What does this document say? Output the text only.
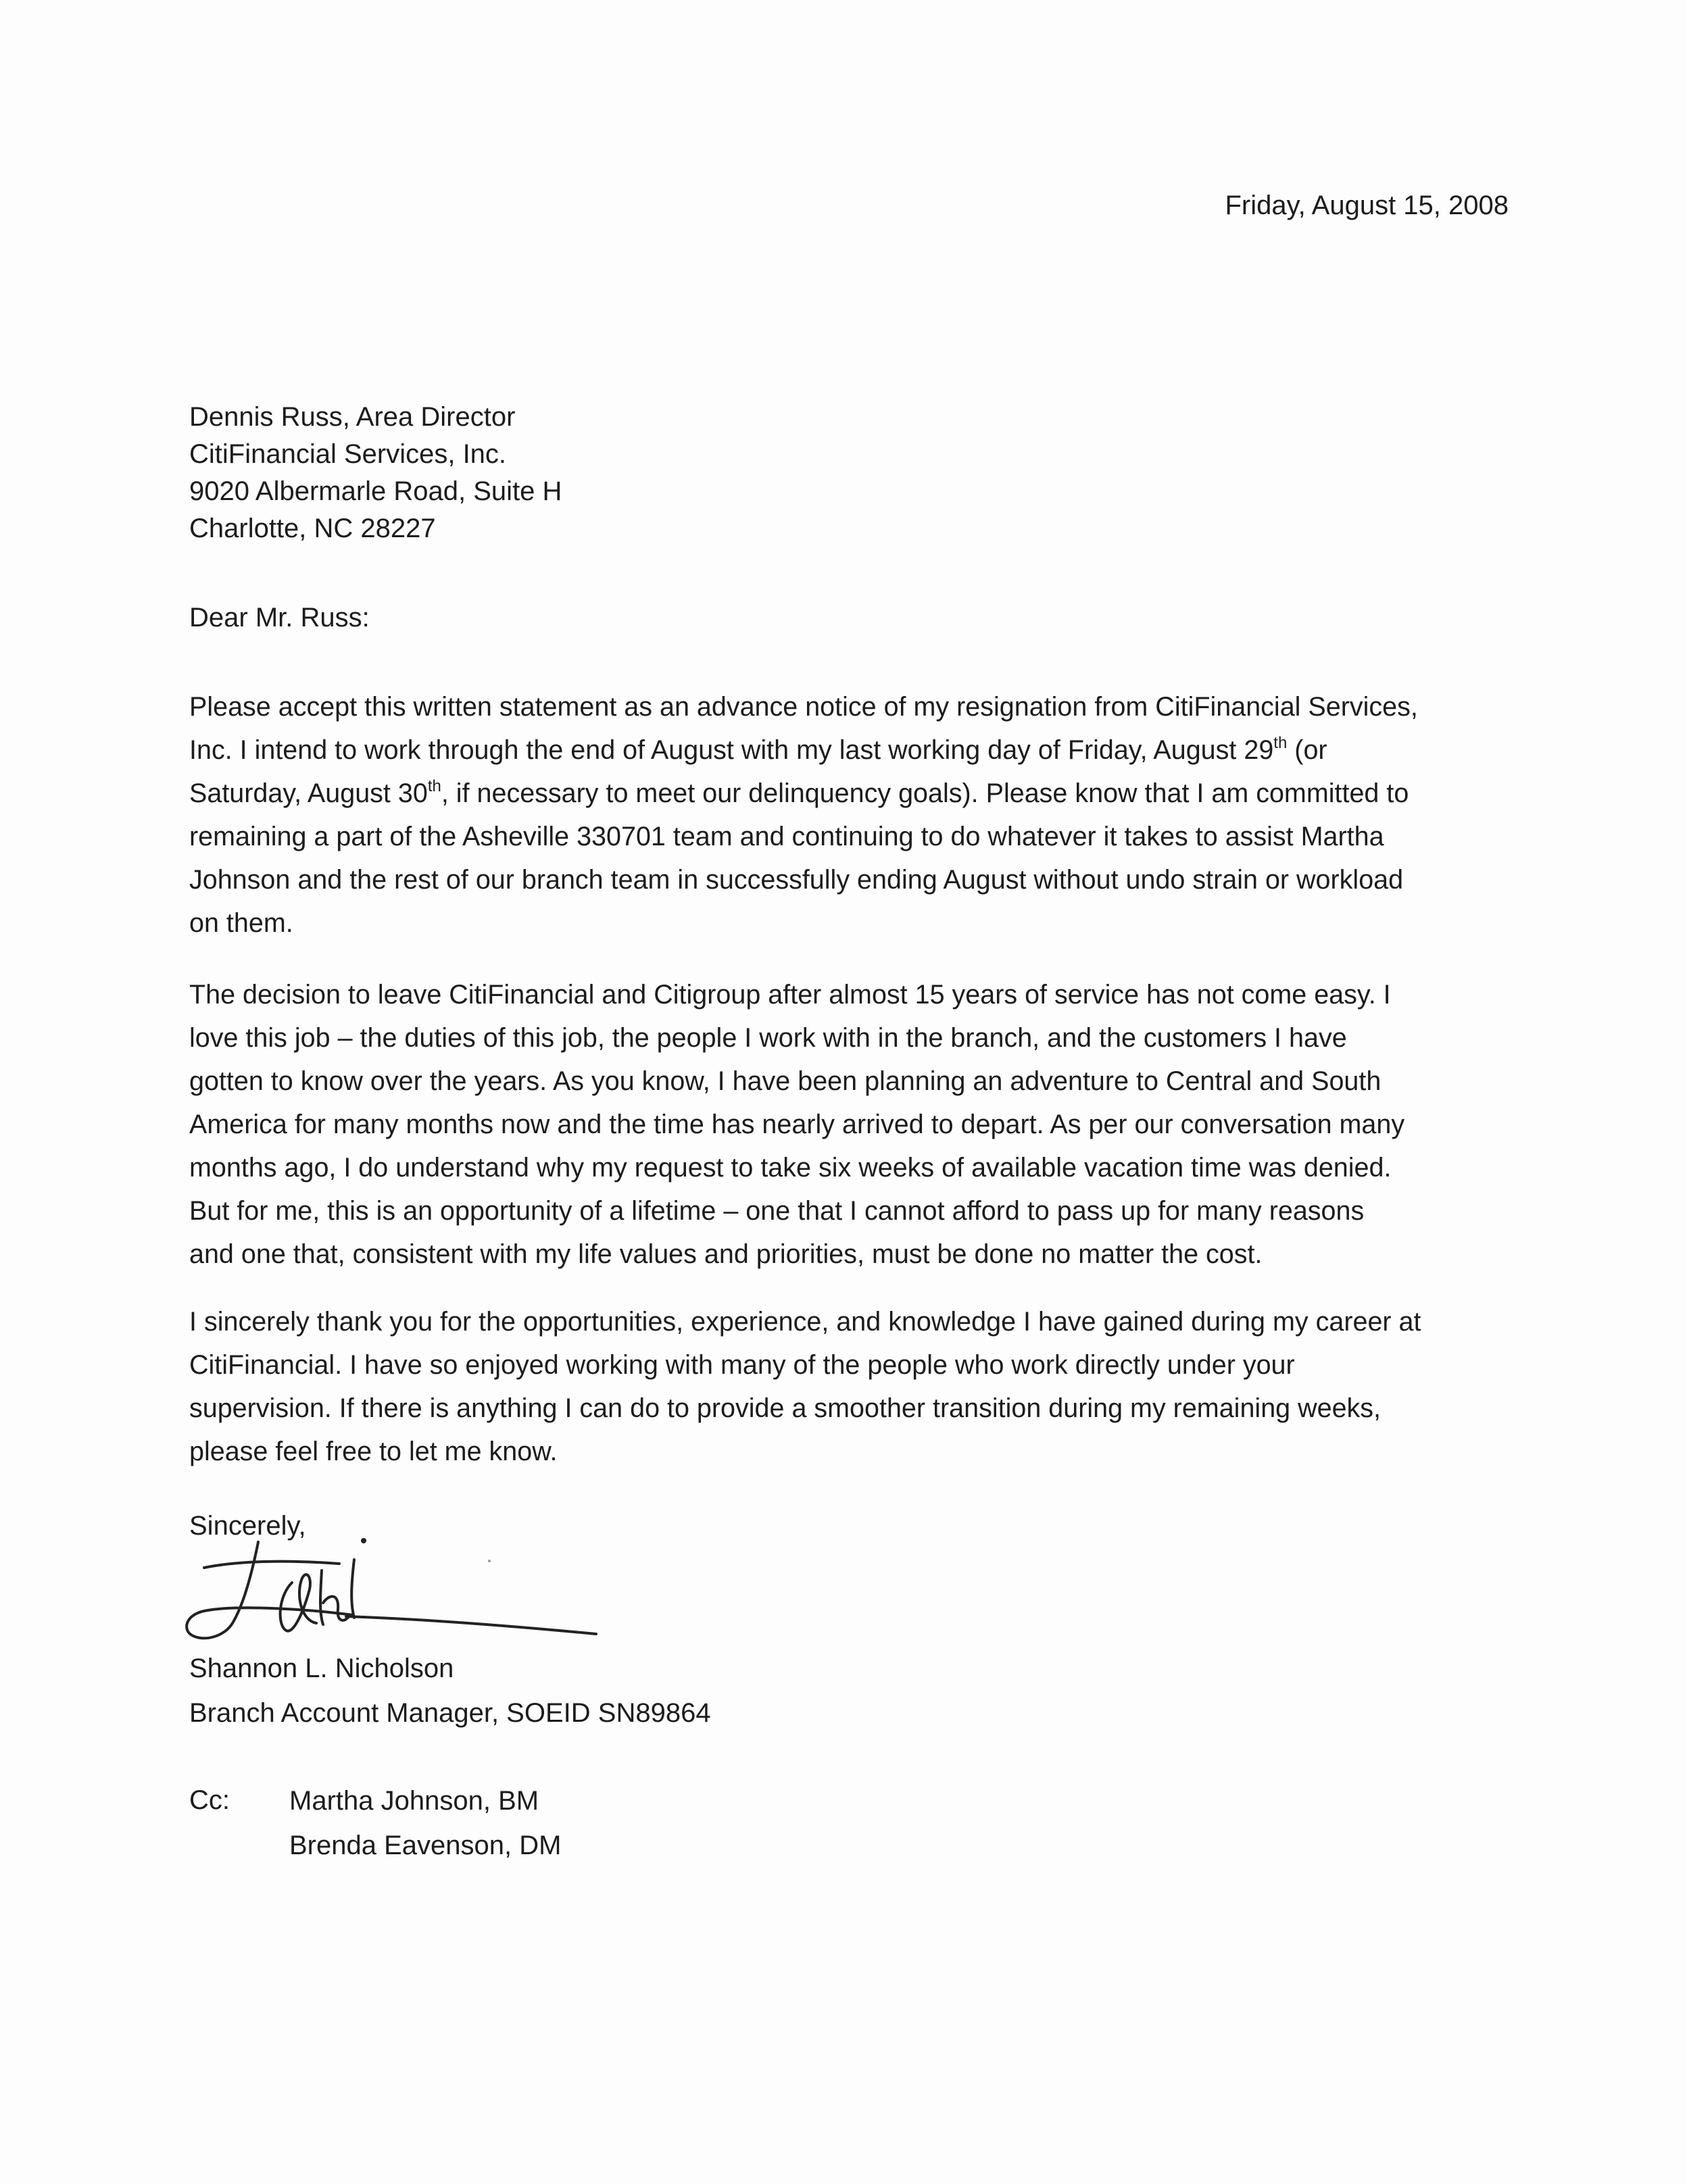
Friday, August 15, 2008
Dennis Russ, Area Director
CitiFinancial Services, Inc.
9020 Albermarle Road, Suite H
Charlotte, NC 28227
Dear Mr. Russ:
Please accept this written statement as an advance notice of my resignation from CitiFinancial Services,
Inc. I intend to work through the end of August with my last working day of Friday, August 29th (or
Saturday, August 30th, if necessary to meet our delinquency goals). Please know that I am committed to
remaining a part of the Asheville 330701 team and continuing to do whatever it takes to assist Martha
Johnson and the rest of our branch team in successfully ending August without undo strain or workload
on them.
The decision to leave CitiFinancial and Citigroup after almost 15 years of service has not come easy. I
love this job – the duties of this job, the people I work with in the branch, and the customers I have
gotten to know over the years. As you know, I have been planning an adventure to Central and South
America for many months now and the time has nearly arrived to depart. As per our conversation many
months ago, I do understand why my request to take six weeks of available vacation time was denied.
But for me, this is an opportunity of a lifetime – one that I cannot afford to pass up for many reasons
and one that, consistent with my life values and priorities, must be done no matter the cost.
I sincerely thank you for the opportunities, experience, and knowledge I have gained during my career at
CitiFinancial. I have so enjoyed working with many of the people who work directly under your
supervision. If there is anything I can do to provide a smoother transition during my remaining weeks,
please feel free to let me know.
Sincerely,
Shannon L. Nicholson
Branch Account Manager, SOEID SN89864
Cc: Martha Johnson, BM
Brenda Eavenson, DM
